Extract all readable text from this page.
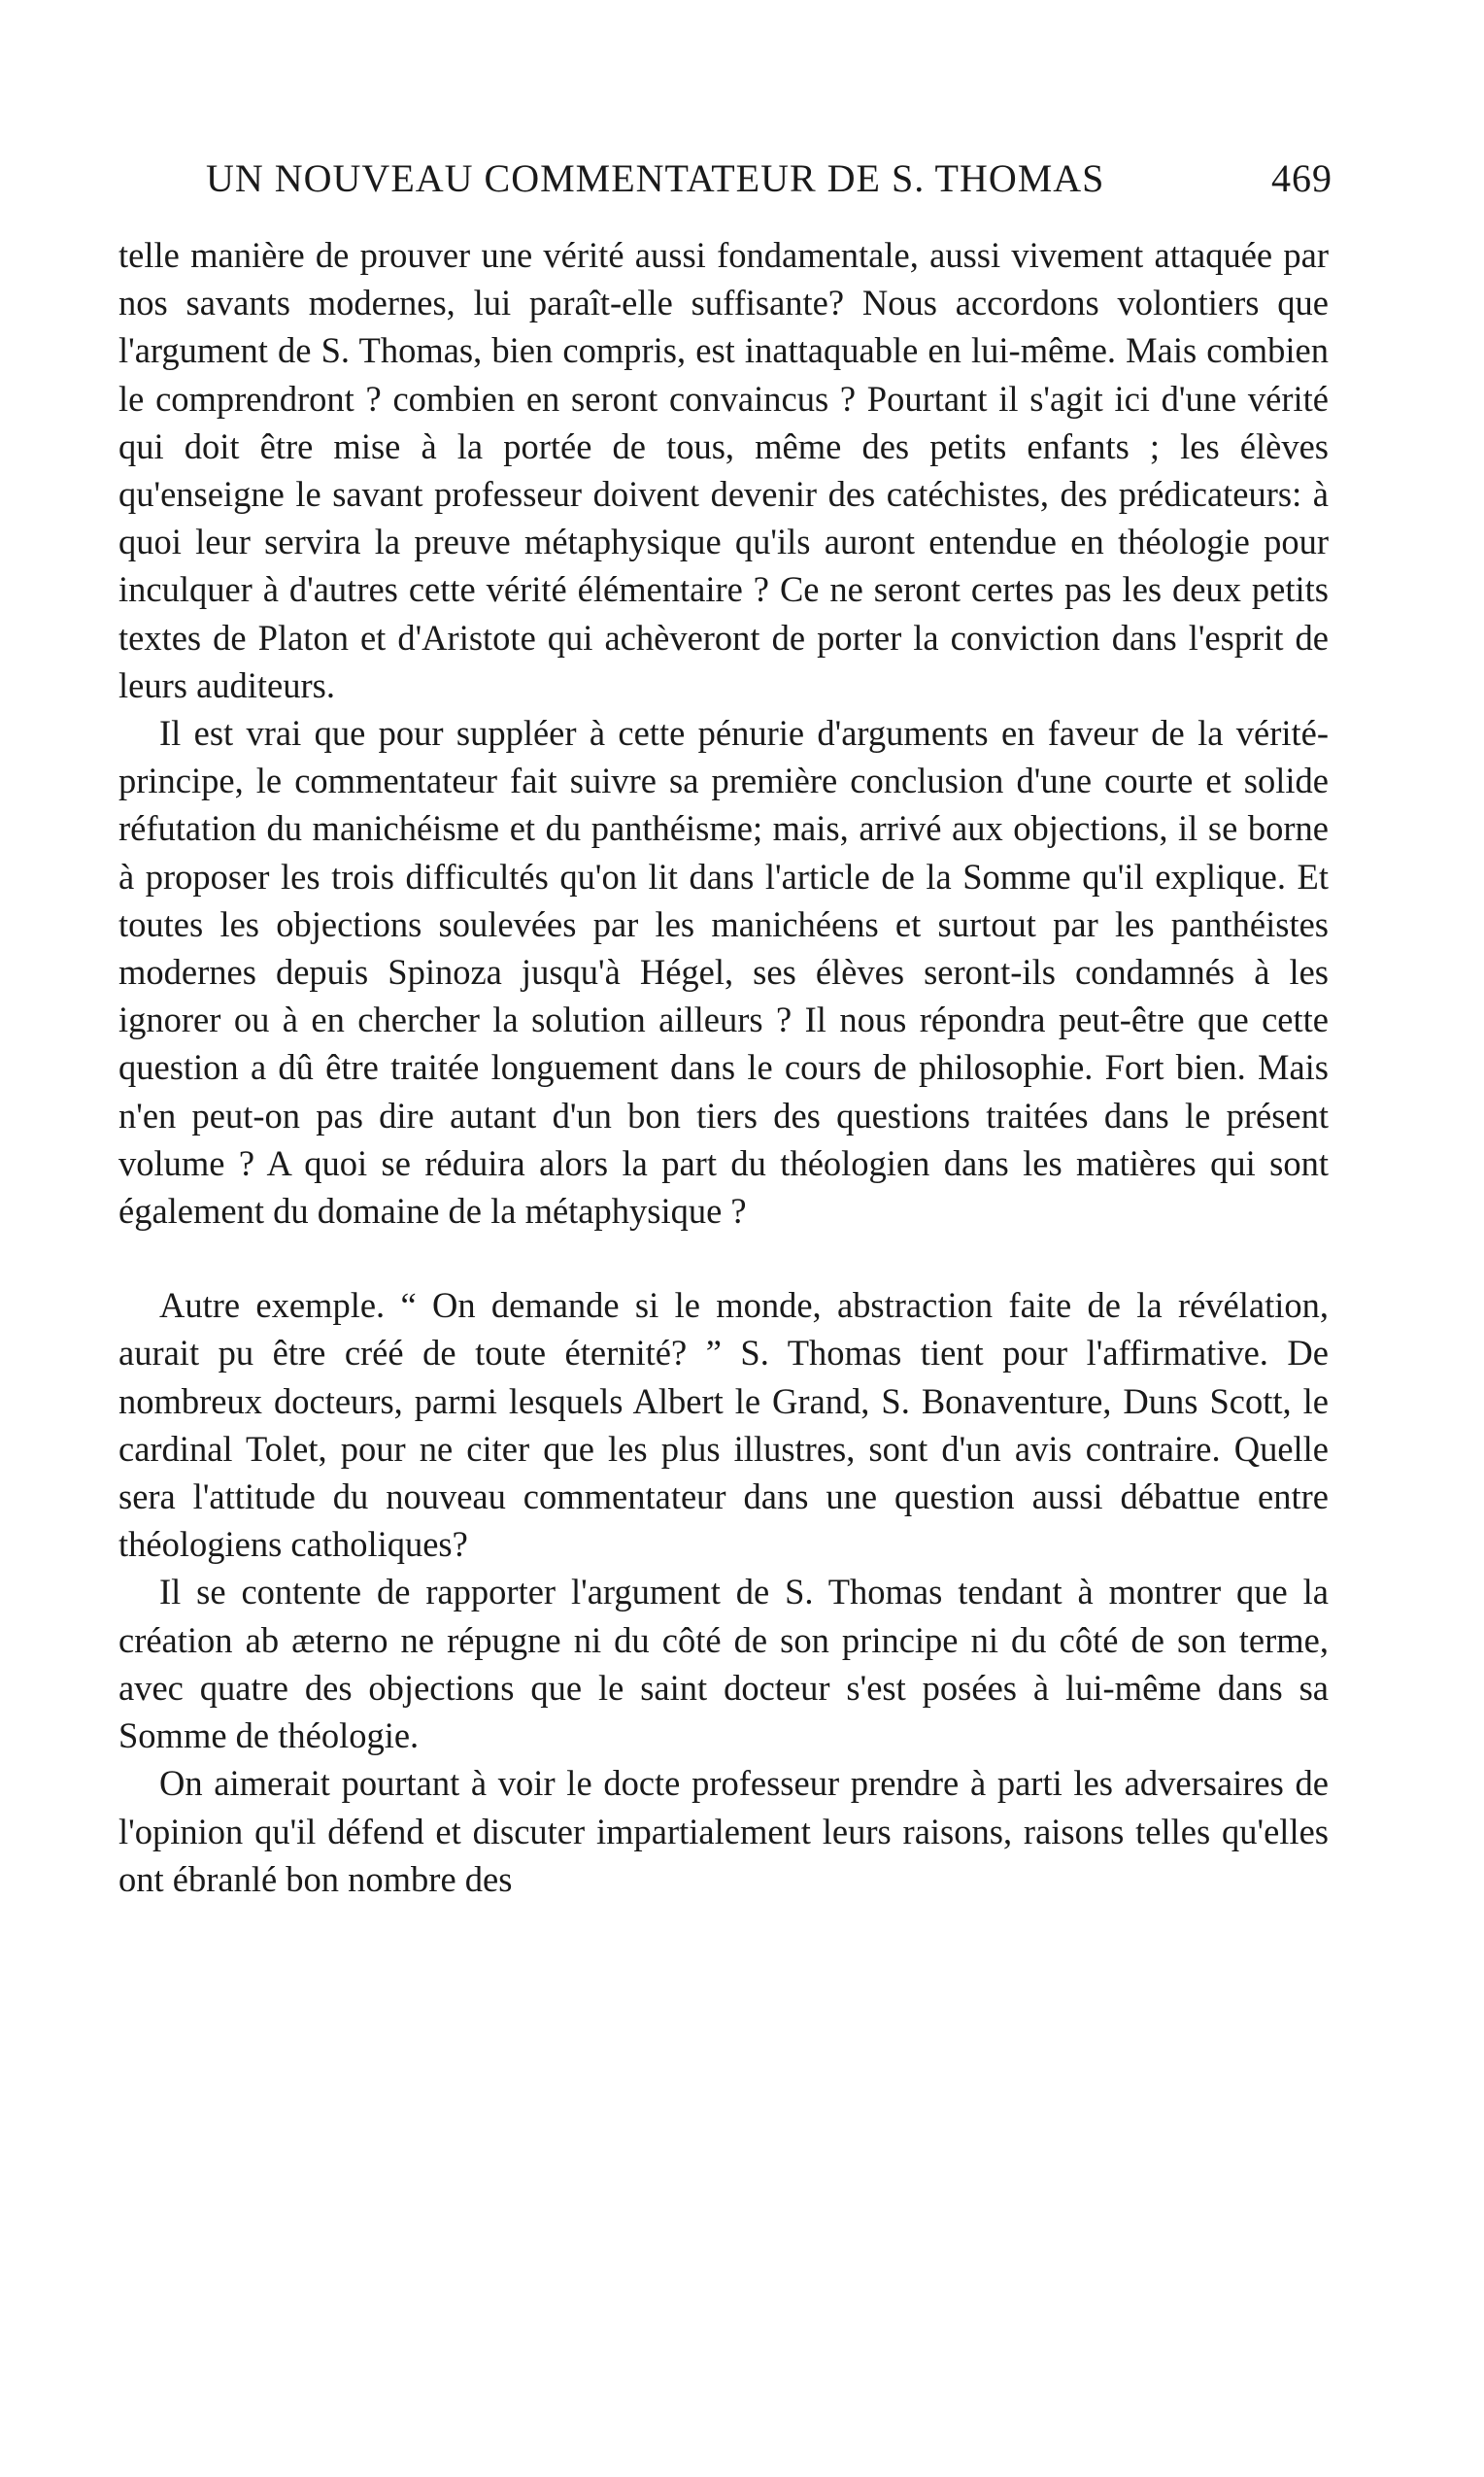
UN NOUVEAU COMMENTATEUR DE S. THOMAS	469

telle manière de prouver une vérité aussi fondamentale, aussi vivement attaquée par nos savants modernes, lui paraît-elle suffisante? Nous accordons volontiers que l'argument de S. Thomas, bien compris, est inattaquable en lui-même. Mais combien le comprendront ? combien en seront convaincus ? Pourtant il s'agit ici d'une vérité qui doit être mise à la portée de tous, même des petits enfants ; les élèves qu'enseigne le savant professeur doivent devenir des catéchistes, des prédicateurs: à quoi leur servira la preuve métaphysique qu'ils auront entendue en théologie pour inculquer à d'autres cette vérité élémentaire ? Ce ne seront certes pas les deux petits textes de Platon et d'Aristote qui achèveront de porter la conviction dans l'esprit de leurs auditeurs.

Il est vrai que pour suppléer à cette pénurie d'arguments en faveur de la vérité-principe, le commentateur fait suivre sa première conclusion d'une courte et solide réfutation du manichéisme et du panthéisme; mais, arrivé aux objections, il se borne à proposer les trois difficultés qu'on lit dans l'article de la Somme qu'il explique. Et toutes les objections soulevées par les manichéens et surtout par les panthéistes modernes depuis Spinoza jusqu'à Hégel, ses élèves seront-ils condamnés à les ignorer ou à en chercher la solution ailleurs ? Il nous répondra peut-être que cette question a dû être traitée longuement dans le cours de philosophie. Fort bien. Mais n'en peut-on pas dire autant d'un bon tiers des questions traitées dans le présent volume ? A quoi se réduira alors la part du théologien dans les matières qui sont également du domaine de la métaphysique ?

Autre exemple. “ On demande si le monde, abstraction faite de la révélation, aurait pu être créé de toute éternité? ” S. Thomas tient pour l'affirmative. De nombreux docteurs, parmi lesquels Albert le Grand, S. Bonaventure, Duns Scott, le cardinal Tolet, pour ne citer que les plus illustres, sont d'un avis contraire. Quelle sera l'attitude du nouveau commentateur dans une question aussi débattue entre théologiens catholiques?

Il se contente de rapporter l'argument de S. Thomas tendant à montrer que la création ab æterno ne répugne ni du côté de son principe ni du côté de son terme, avec quatre des objections que le saint docteur s'est posées à lui-même dans sa Somme de théologie.

On aimerait pourtant à voir le docte professeur prendre à parti les adversaires de l'opinion qu'il défend et discuter impartialement leurs raisons, raisons telles qu'elles ont ébranlé bon nombre des
